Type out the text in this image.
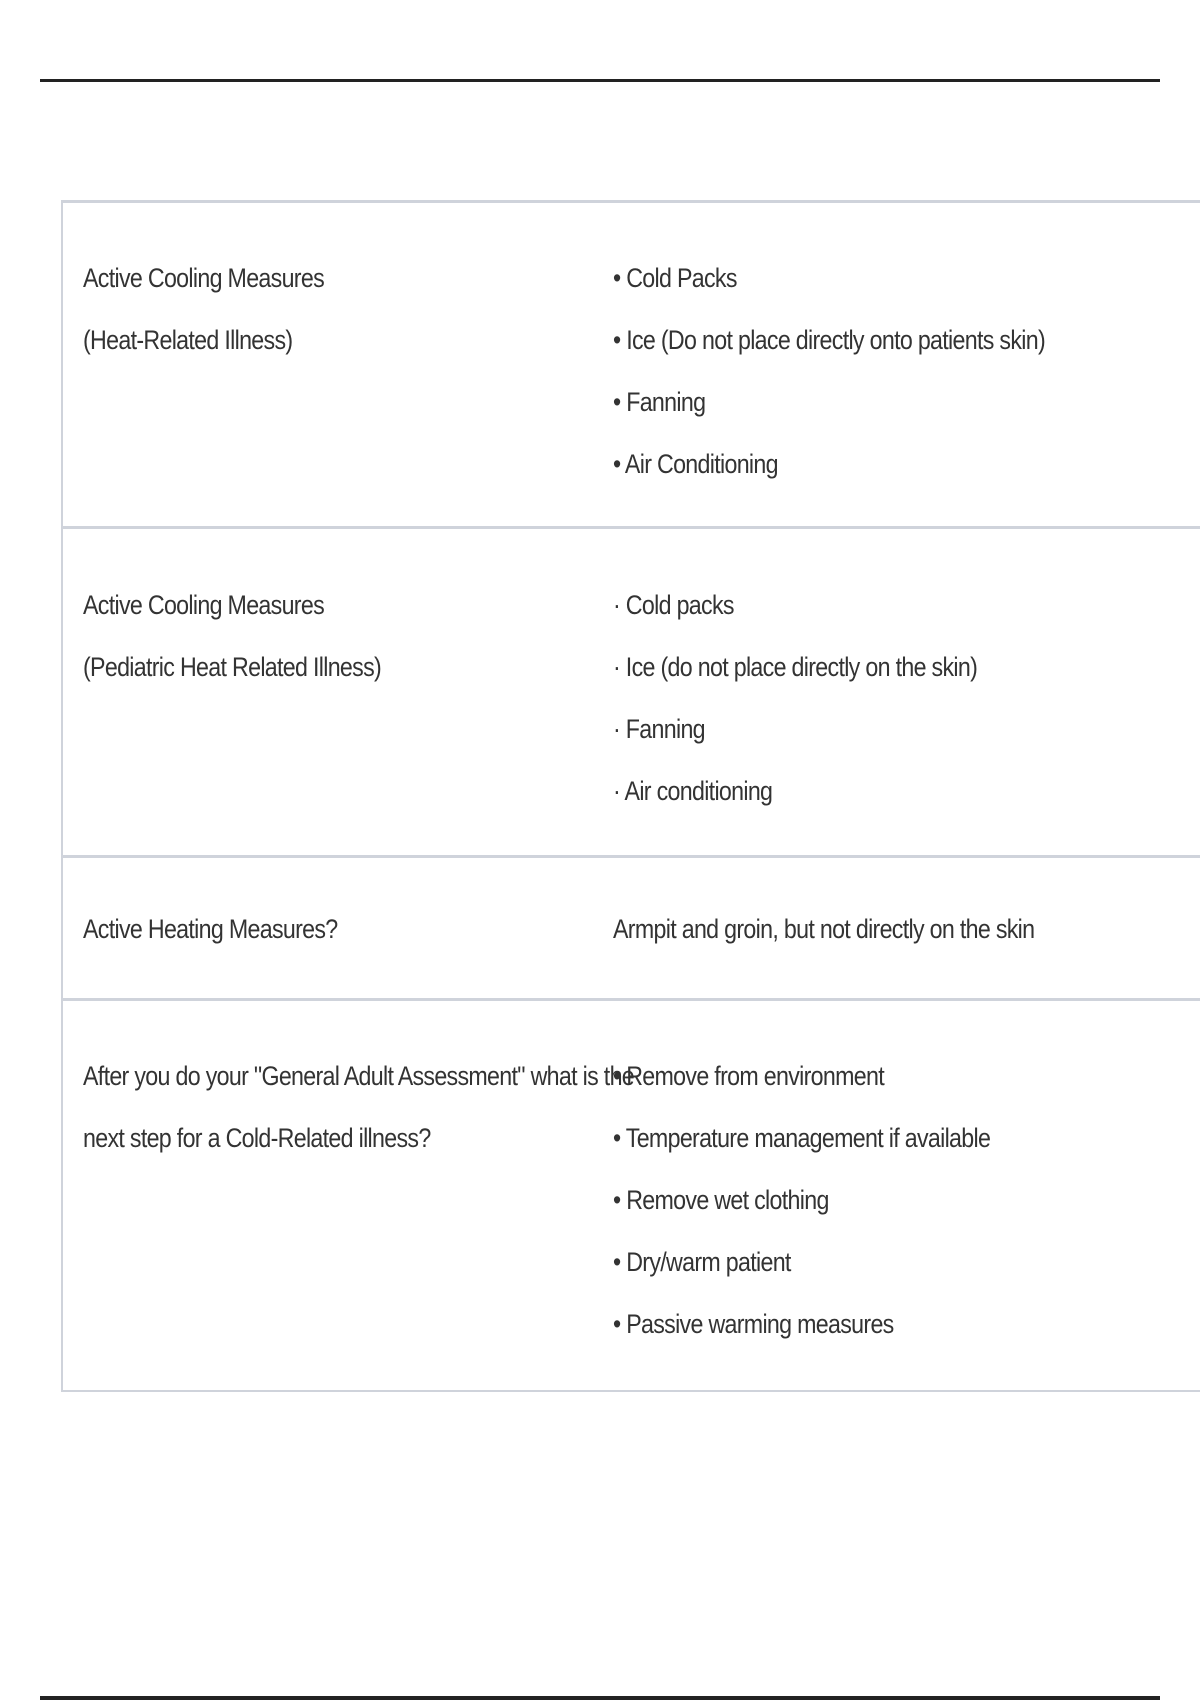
Active Cooling Measures
(Heat-Related Illness)
• Cold Packs
• Ice (Do not place directly onto patients skin)
• Fanning
• Air Conditioning
Active Cooling Measures
(Pediatric Heat Related Illness)
· Cold packs
· Ice (do not place directly on the skin)
· Fanning
· Air conditioning
Active Heating Measures?	Armpit and groin, but not directly on the skin
After you do your "General Adult Assessment" what is the
next step for a Cold-Related illness?
• Remove from environment
• Temperature management if available
• Remove wet clothing
• Dry/warm patient
• Passive warming measures
